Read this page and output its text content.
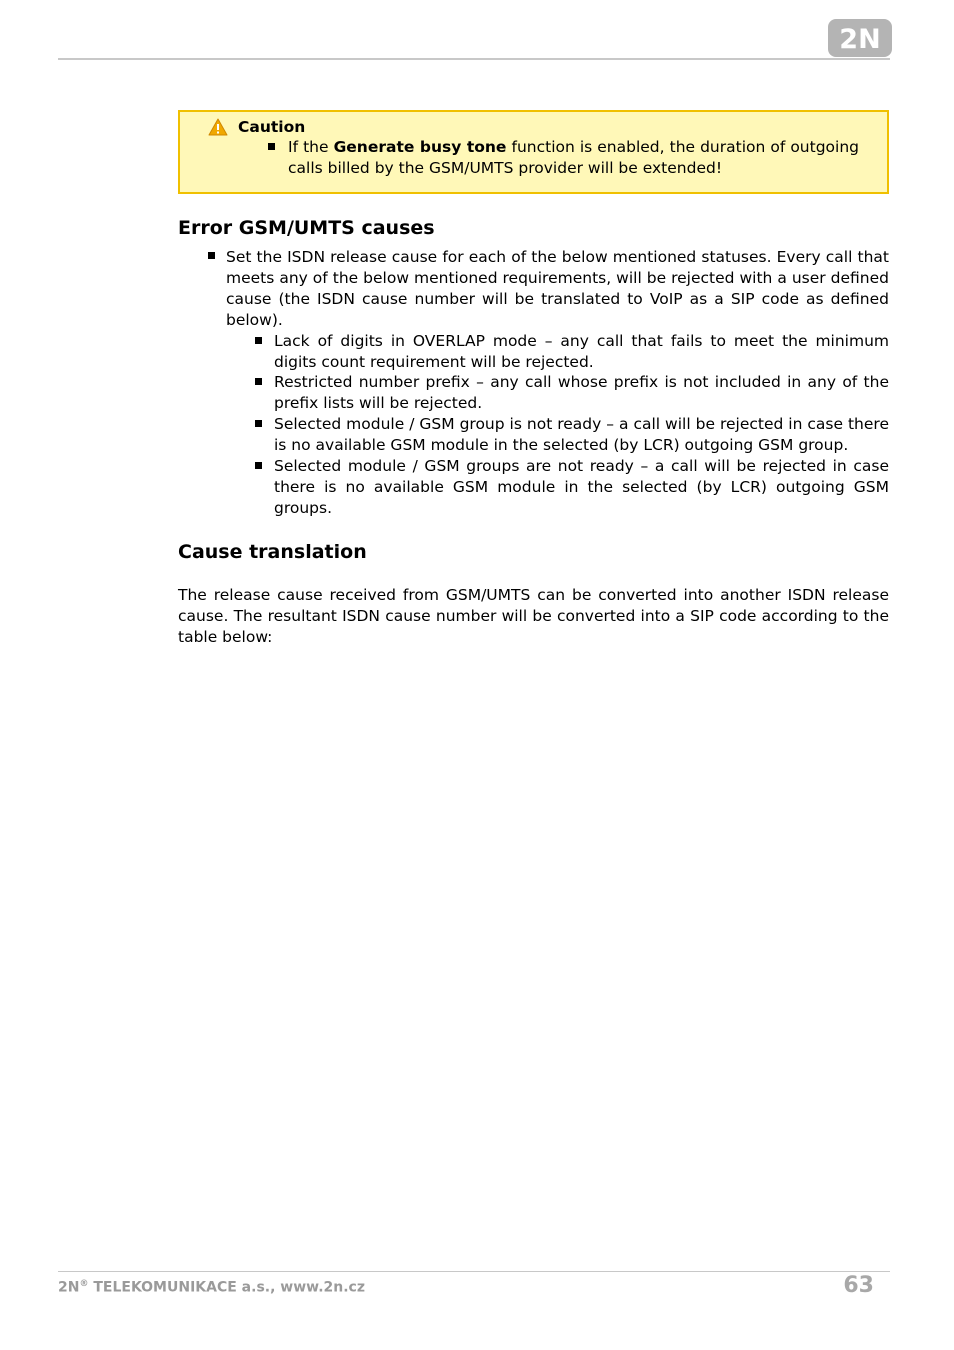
2N
Caution
If the Generate busy tone function is enabled, the duration of outgoing calls billed by the GSM/UMTS provider will be extended!
Error GSM/UMTS causes
Set the ISDN release cause for each of the below mentioned statuses. Every call that meets any of the below mentioned requirements, will be rejected with a user defined cause (the ISDN cause number will be translated to VoIP as a SIP code as defined below).
Lack of digits in OVERLAP mode – any call that fails to meet the minimum digits count requirement will be rejected.
Restricted number prefix – any call whose prefix is not included in any of the prefix lists will be rejected.
Selected module / GSM group is not ready – a call will be rejected in case there is no available GSM module in the selected (by LCR) outgoing GSM group.
Selected module / GSM groups are not ready – a call will be rejected in case there is no available GSM module in the selected (by LCR) outgoing GSM groups.
Cause translation
The release cause received from GSM/UMTS can be converted into another ISDN release cause. The resultant ISDN cause number will be converted into a SIP code according to the table below:
2N® TELEKOMUNIKACE a.s., www.2n.cz	63
